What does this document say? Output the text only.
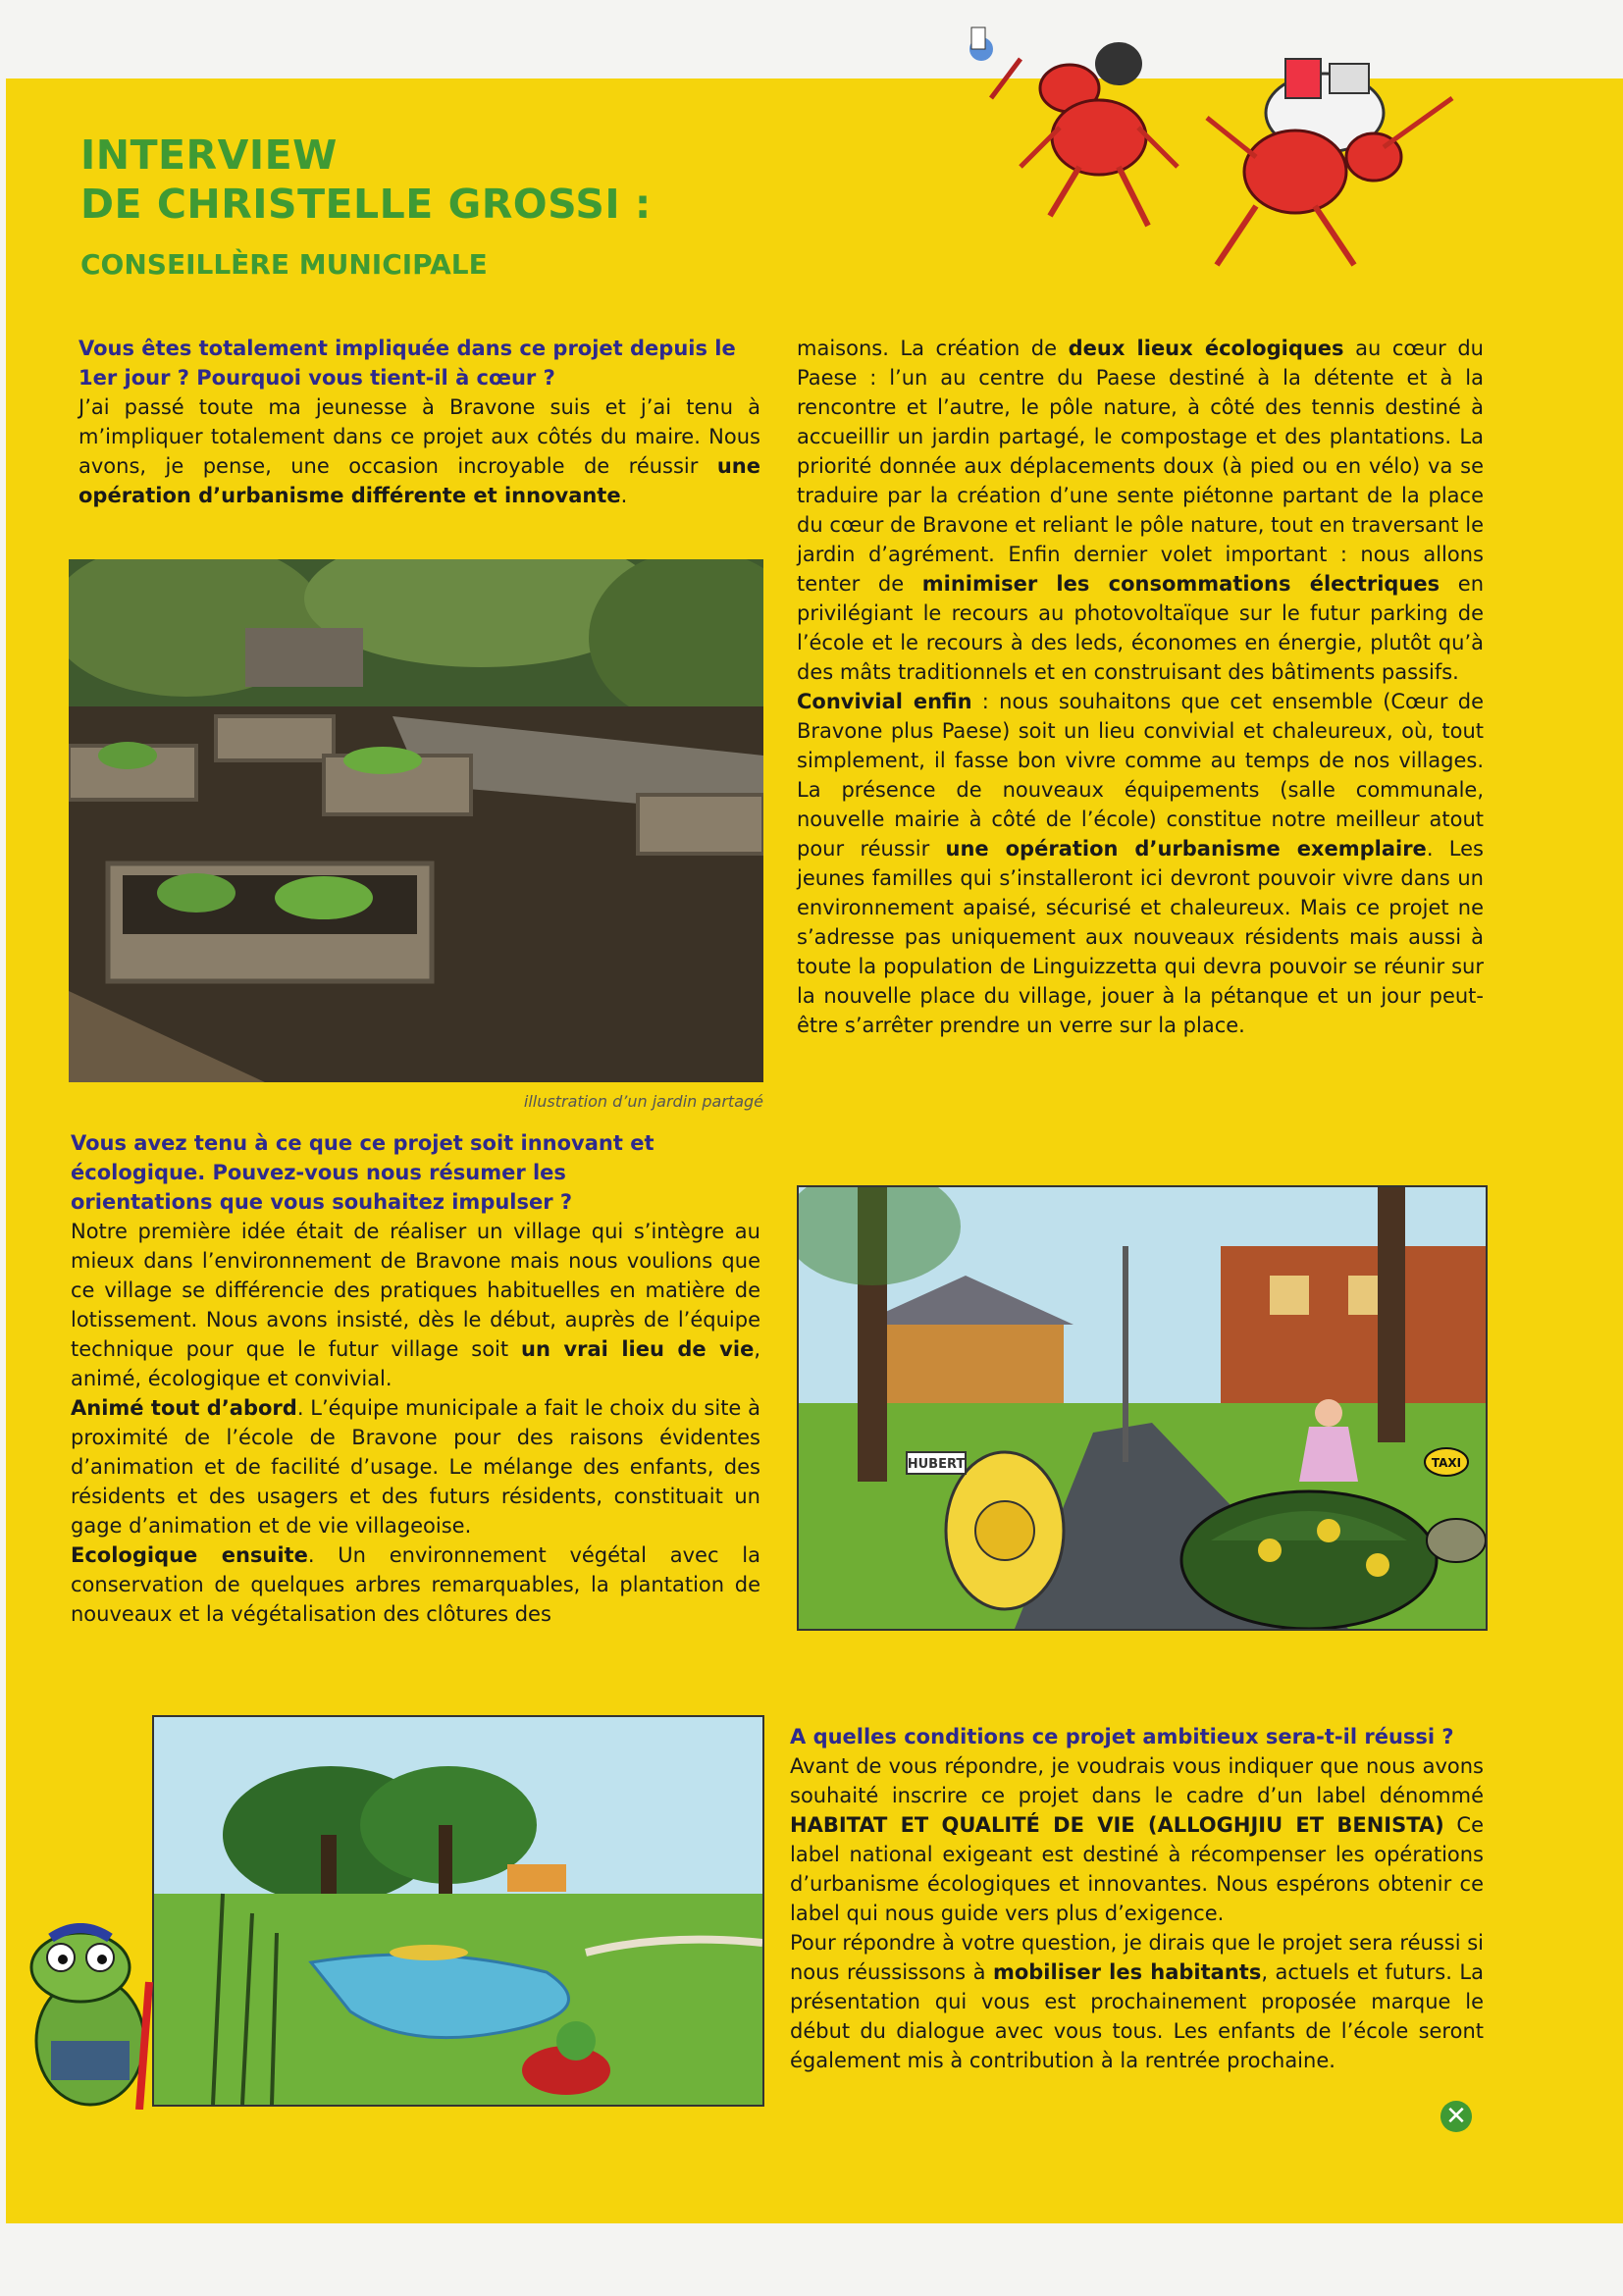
INTERVIEW
DE CHRISTELLE GROSSI :
CONSEILLÈRE MUNICIPALE

Vous êtes totalement impliquée dans ce projet depuis le 1er jour ? Pourquoi vous tient-il à cœur ?

J’ai passé toute ma jeunesse à Bravone suis et j’ai tenu à m’impliquer totalement dans ce projet aux côtés du maire. Nous avons, je pense, une occasion incroyable de réussir une opération d’urbanisme différente et innovante.

illustration d’un jardin partagé

Vous avez tenu à ce que ce projet soit innovant et écologique. Pouvez-vous nous résumer les orientations que vous souhaitez impulser ?

Notre première idée était de réaliser un village qui s’intègre au mieux dans l’environnement de Bravone mais nous voulions que ce village se différencie des pratiques habituelles en matière de lotissement. Nous avons insisté, dès le début, auprès de l’équipe technique pour que le futur village soit un vrai lieu de vie, animé, écologique et convivial.

Animé tout d’abord. L’équipe municipale a fait le choix du site à proximité de l’école de Bravone pour des raisons évidentes d’animation et de facilité d’usage. Le mélange des enfants, des résidents et des usagers et des futurs résidents, constituait un gage d’animation et de vie villageoise.

Ecologique ensuite. Un environnement végétal avec la conservation de quelques arbres remarquables, la plantation de nouveaux et la végétalisation des clôtures des

maisons. La création de deux lieux écologiques au cœur du Paese : l’un au centre du Paese destiné à la détente et à la rencontre et l’autre, le pôle nature, à côté des tennis destiné à accueillir un jardin partagé, le compostage et des plantations. La priorité donnée aux déplacements doux (à pied ou en vélo) va se traduire par la création d’une sente piétonne partant de la place du cœur de Bravone et reliant le pôle nature, tout en traversant le jardin d’agrément. Enfin dernier volet important : nous allons tenter de minimiser les consommations électriques en privilégiant le recours au photovoltaïque sur le futur parking de l’école et le recours à des leds, économes en énergie, plutôt qu’à des mâts traditionnels et en construisant des bâtiments passifs.

Convivial enfin : nous souhaitons que cet ensemble (Cœur de Bravone plus Paese) soit un lieu convivial et chaleureux, où, tout simplement, il fasse bon vivre comme au temps de nos villages. La présence de nouveaux équipements (salle communale, nouvelle mairie à côté de l’école) constitue notre meilleur atout pour réussir une opération d’urbanisme exemplaire. Les jeunes familles qui s’installeront ici devront pouvoir vivre dans un environnement apaisé, sécurisé et chaleureux. Mais ce projet ne s’adresse pas uniquement aux nouveaux résidents mais aussi à toute la population de Linguizzetta qui devra pouvoir se réunir sur la nouvelle place du village, jouer à la pétanque et un jour peut-être s’arrêter prendre un verre sur la place.

HUBERT	TAXI

A quelles conditions ce projet ambitieux sera-t-il réussi ?

Avant de vous répondre, je voudrais vous indiquer que nous avons souhaité inscrire ce projet dans le cadre d’un label dénommé HABITAT ET QUALITÉ DE VIE (ALLOGHJIU ET BENISTA) Ce label national exigeant est destiné à récompenser les opérations d’urbanisme écologiques et innovantes. Nous espérons obtenir ce label qui nous guide vers plus d’exigence.

Pour répondre à votre question, je dirais que le projet sera réussi si nous réussissons à mobiliser les habitants, actuels et futurs. La présentation qui vous est prochainement proposée marque le début du dialogue avec vous tous. Les enfants de l’école seront également mis à contribution à la rentrée prochaine.

✕
